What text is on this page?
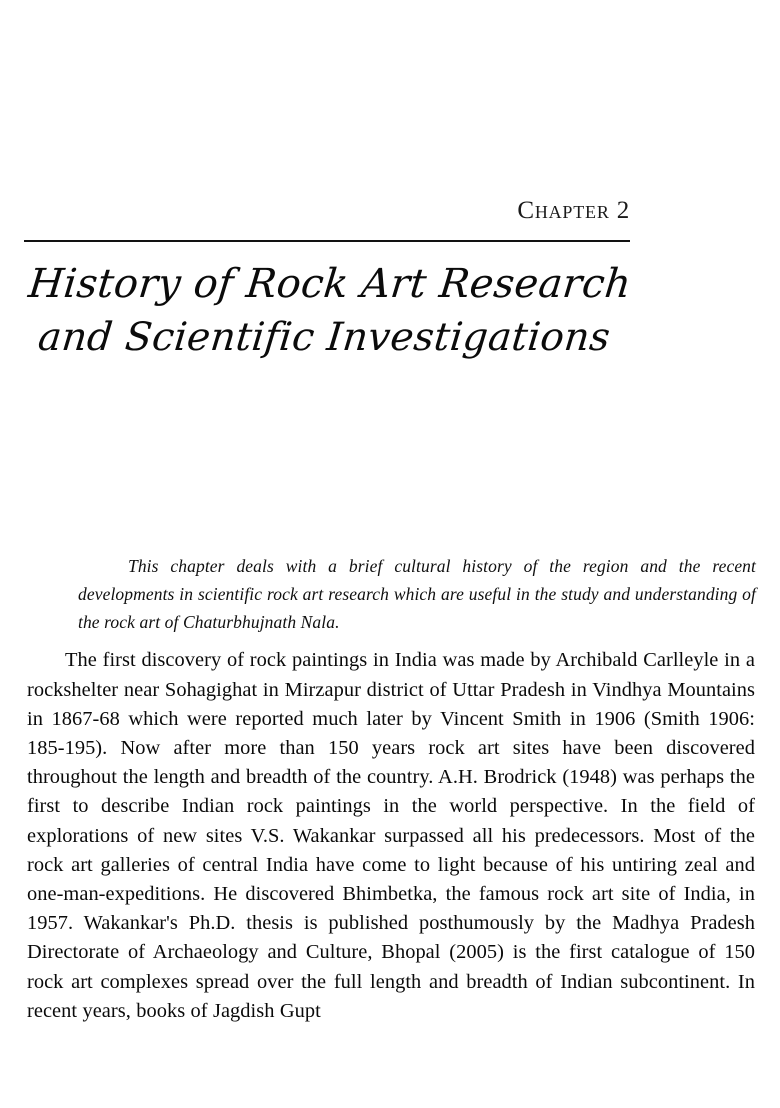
Chapter 2
History of Rock Art Research
and Scientific Investigations

This chapter deals with a brief cultural history of the region and the recent developments in scientific rock art research which are useful in the study and understanding of the rock art of Chaturbhujnath Nala.

The first discovery of rock paintings in India was made by Archibald Carlleyle in a rockshelter near Sohagighat in Mirzapur district of Uttar Pradesh in Vindhya Mountains in 1867-68 which were reported much later by Vincent Smith in 1906 (Smith 1906: 185-195). Now after more than 150 years rock art sites have been discovered throughout the length and breadth of the country. A.H. Brodrick (1948) was perhaps the first to describe Indian rock paintings in the world perspective. In the field of explorations of new sites V.S. Wakankar surpassed all his predecessors. Most of the rock art galleries of central India have come to light because of his untiring zeal and one-man-expeditions. He discovered Bhimbetka, the famous rock art site of India, in 1957. Wakankar's Ph.D. thesis is published posthumously by the Madhya Pradesh Directorate of Archaeology and Culture, Bhopal (2005) is the first catalogue of 150 rock art complexes spread over the full length and breadth of Indian subcontinent. In recent years, books of Jagdish Gupt
